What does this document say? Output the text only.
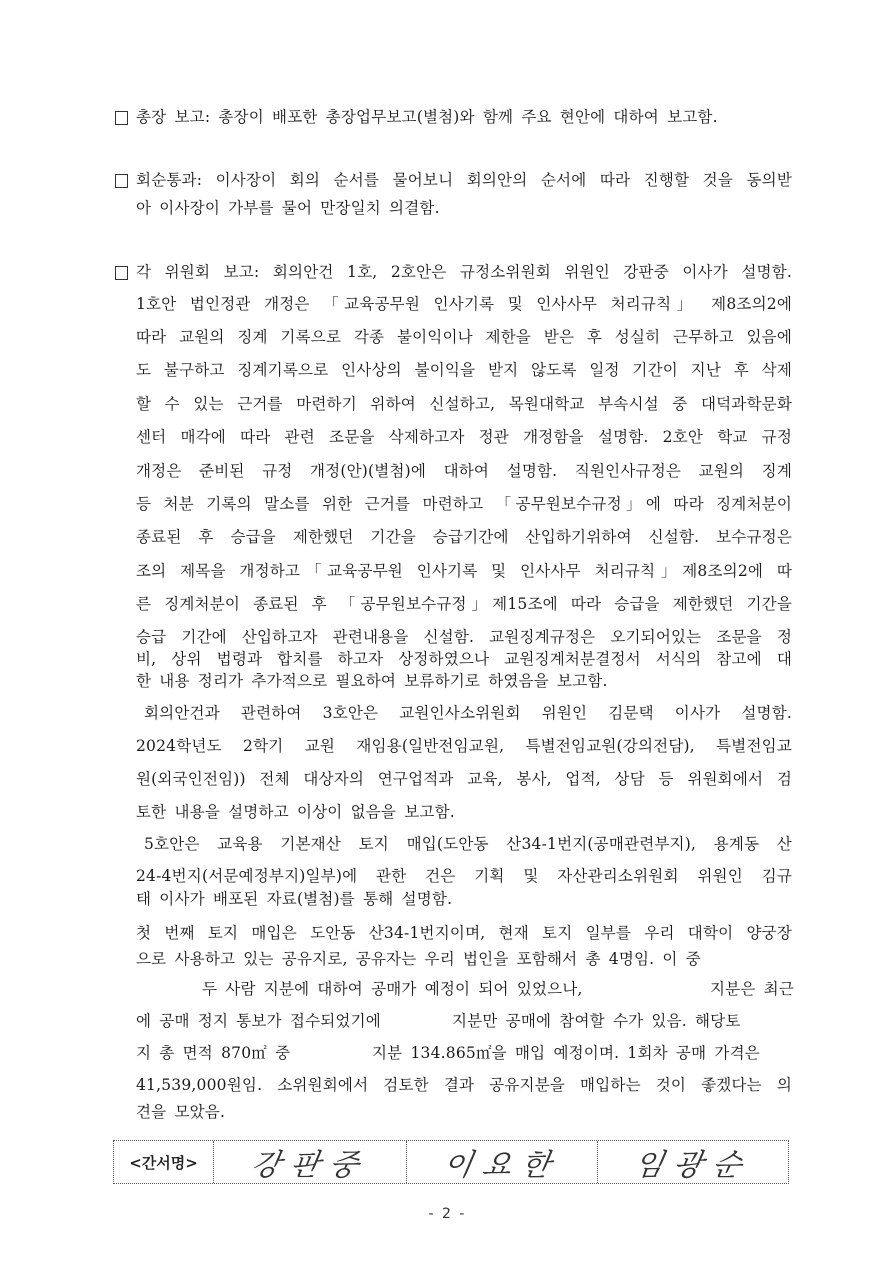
총장 보고: 총장이 배포한 총장업무보고(별첨)와 함께 주요 현안에 대하여 보고함.
회순통과: 이사장이 회의 순서를 물어보니 회의안의 순서에 따라 진행할 것을 동의받
아 이사장이 가부를 물어 만장일치 의결함.
각 위원회 보고: 회의안건 1호, 2호안은 규정소위원회 위원인 강판중 이사가 설명함.
1호안 법인정관 개정은 「교육공무원 인사기록 및 인사사무 처리규칙」 제8조의2에
따라 교원의 징계 기록으로 각종 불이익이나 제한을 받은 후 성실히 근무하고 있음에
도 불구하고 징계기록으로 인사상의 불이익을 받지 않도록 일정 기간이 지난 후 삭제
할 수 있는 근거를 마련하기 위하여 신설하고, 목원대학교 부속시설 중 대덕과학문화
센터 매각에 따라 관련 조문을 삭제하고자 정관 개정함을 설명함. 2호안 학교 규정
개정은 준비된 규정 개정(안)(별첨)에 대하여 설명함. 직원인사규정은 교원의 징계
등 처분 기록의 말소를 위한 근거를 마련하고 「공무원보수규정」에 따라 징계처분이
종료된 후 승급을 제한했던 기간을 승급기간에 산입하기위하여 신설함. 보수규정은
조의 제목을 개정하고「교육공무원 인사기록 및 인사사무 처리규칙」제8조의2에 따
른 징계처분이 종료된 후 「공무원보수규정」제15조에 따라 승급을 제한했던 기간을
승급 기간에 산입하고자 관련내용을 신설함. 교원징계규정은 오기되어있는 조문을 정
비, 상위 법령과 합치를 하고자 상정하였으나 교원징계처분결정서 서식의 참고에 대
한 내용 정리가 추가적으로 필요하여 보류하기로 하였음을 보고함.
회의안건과 관련하여 3호안은 교원인사소위원회 위원인 김문택 이사가 설명함.
2024학년도 2학기 교원 재임용(일반전임교원, 특별전임교원(강의전담), 특별전임교
원(외국인전임)) 전체 대상자의 연구업적과 교육, 봉사, 업적, 상담 등 위원회에서 검
토한 내용을 설명하고 이상이 없음을 보고함.
5호안은 교육용 기본재산 토지 매입(도안동 산34-1번지(공매관련부지), 용계동 산
24-4번지(서문예정부지)일부)에 관한 건은 기획 및 자산관리소위원회 위원인 김규
태 이사가 배포된 자료(별첨)를 통해 설명함.
첫 번째 토지 매입은 도안동 산34-1번지이며, 현재 토지 일부를 우리 대학이 양궁장
으로 사용하고 있는 공유지로, 공유자는 우리 법인을 포함해서 총 4명임. 이 중
두 사람 지분에 대하여 공매가 예정이 되어 있었으나,	지분은 최근
에 공매 정지 통보가 접수되었기에	지분만 공매에 참여할 수가 있음. 해당토
지 총 면적 870㎡ 중	지분 134.865㎡을 매입 예정이며. 1회차 공매 가격은
41,539,000원임. 소위원회에서 검토한 결과 공유지분을 매입하는 것이 좋겠다는 의
견을 모았음.
<간서명> 강판중 이요한 임광순
- 2 -
